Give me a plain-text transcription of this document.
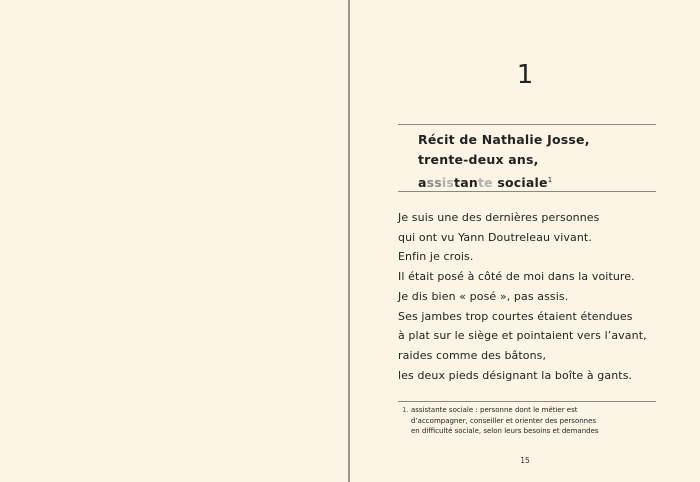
1
Récit de Nathalie Josse,
trente-deux ans,
assistante sociale$^1$
Je suis une des dernières personnes
qui ont vu Yann Doutreleau vivant.
Enfin je crois.
Il était posé à côté de moi dans la voiture.
Je dis bien « posé », pas assis.
Ses jambes trop courtes étaient étendues
à plat sur le siège et pointaient vers l’avant,
raides comme des bâtons,
les deux pieds désignant la boîte à gants.
1. assistante sociale : personne dont le métier est
d’accompagner, conseiller et orienter des personnes
en difficulté sociale, selon leurs besoins et demandes
15
